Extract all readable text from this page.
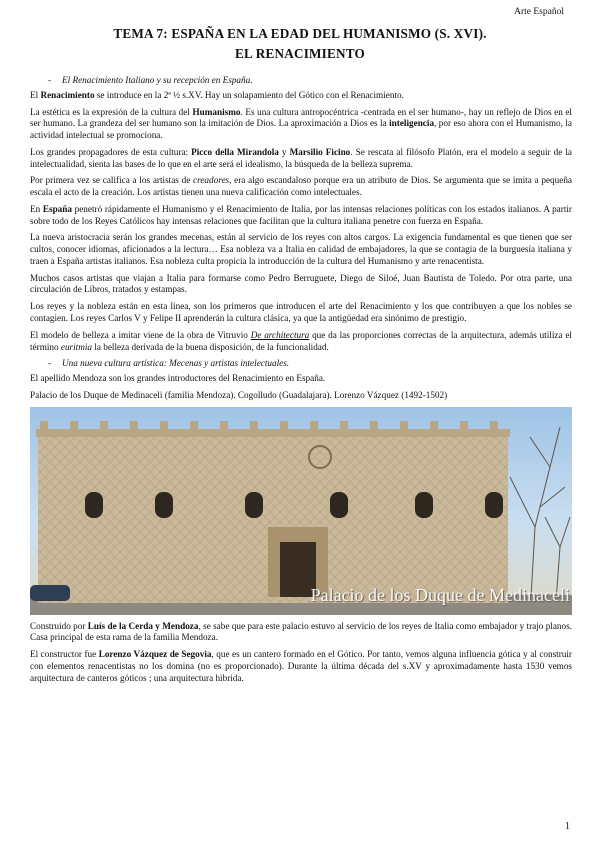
Arte Español
TEMA 7: ESPAÑA EN LA EDAD DEL HUMANISMO (S. XVI).
EL RENACIMIENTO
- El Renacimiento Italiano y su recepción en España.

El Renacimiento se introduce en la 2ª ½ s.XV. Hay un solapamiento del Gótico con el Renacimiento.

La estética es la expresión de la cultura del Humanismo. Es una cultura antropocéntrica -centrada en el ser humano-, hay un reflejo de Dios en el ser humano. La grandeza del ser humano son la imitación de Dios. La aproximación a Dios es la inteligencia, por eso ahora con el Humanismo, la actividad intelectual se promociona.

Los grandes propagadores de esta cultura: Picco della Mirandola y Marsilio Ficino. Se rescata al filósofo Platón, era el modelo a seguir de la intelectualidad, sienta las bases de lo que en el arte será el idealismo, la búsqueda de la belleza suprema.

Por primera vez se califica a los artistas de creadores, era algo escandaloso porque era un atributo de Dios. Se argumenta que se imita a pequeña escala el acto de la creación. Los artistas tienen una nueva calificación como intelectuales.

En España penetró rápidamente el Humanismo y el Renacimiento de Italia, por las intensas relaciones políticas con los estados italianos. A partir sobre todo de los Reyes Católicos hay intensas relaciones que facilitan que la cultura italiana penetre con fuerza en España.

La nueva aristocracia serán los grandes mecenas, están al servicio de los reyes con altos cargos. La exigencia fundamental es que tienen que ser cultos, conocer idiomas, aficionados a la lectura… Esa nobleza va a Italia en calidad de embajadores, la que se contagia de la burguesía italiana y traen a España artistas italianos. Esa nobleza culta propicia la introducción de la cultura del Humanismo y arte renacentista.

Muchos casos artistas que viajan a Italia para formarse como Pedro Berruguete, Diego de Siloé, Juan Bautista de Toledo. Por otra parte, una circulación de Libros, tratados y estampas.

Los reyes y la nobleza están en esta línea, son los primeros que introducen el arte del Renacimiento y los que contribuyen a que los nobles se contagien. Los reyes Carlos V y Felipe II aprenderán la cultura clásica, ya que la antigüedad era sinónimo de prestigio.

El modelo de belleza a imitar viene de la obra de Vitruvio De architectura que da las proporciones correctas de la arquitectura, además utiliza el término euritmia la belleza derivada de la buena disposición, de la funcionalidad.

- Una nueva cultura artística: Mecenas y artistas intelectuales.

El apellido Mendoza son los grandes introductores del Renacimiento en España.

Palacio de los Duque de Medinaceli (familia Mendoza). Cogolludo (Guadalajara). Lorenzo Vázquez (1492-1502)

Palacio de los Duque de Medinaceli

Construido por Luís de la Cerda y Mendoza, se sabe que para este palacio estuvo al servicio de los reyes de Italia como embajador y trajo planos. Casa principal de esta rama de la familia Mendoza.

El constructor fue Lorenzo Vázquez de Segovia, que es un cantero formado en el Gótico. Por tanto, vemos alguna influencia gótica y al construir con elementos renacentistas no los domina (no es proporcionado). Durante la última década del s.XV y aproximadamente hasta 1530 vemos arquitectura de canteros góticos ; una arquitectura hibrida.

1
